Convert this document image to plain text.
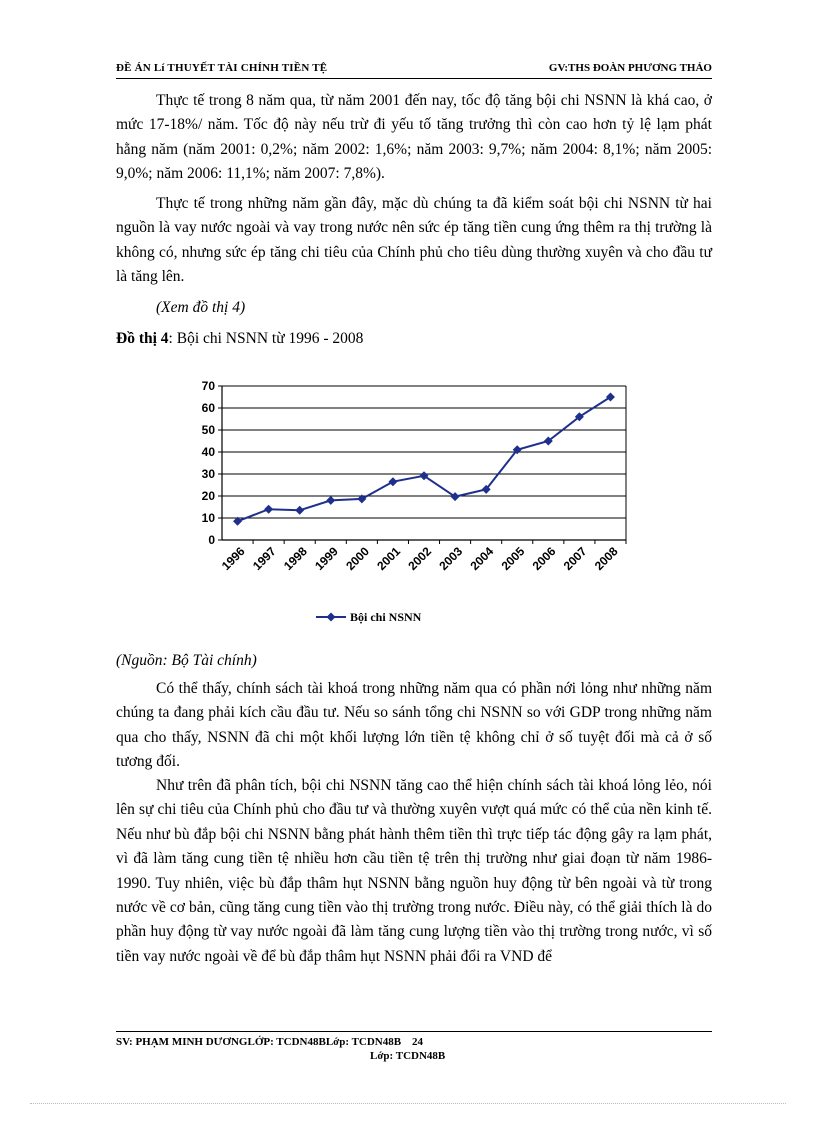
ĐỀ ÁN Lí THUYẾT TÀI CHÍNH TIỀN TỆ	GV:THS ĐOÀN PHƯƠNG THẢO

Thực tế trong 8 năm qua, từ năm 2001 đến nay, tốc độ tăng bội chi NSNN là khá cao, ở mức 17-18%/ năm. Tốc độ này nếu trừ đi yếu tố tăng trưởng thì còn cao hơn tỷ lệ lạm phát hằng năm (năm 2001: 0,2%; năm 2002: 1,6%; năm 2003: 9,7%; năm 2004: 8,1%; năm 2005: 9,0%; năm 2006: 11,1%; năm 2007: 7,8%).

Thực tế trong những năm gần đây, mặc dù chúng ta đã kiểm soát bội chi NSNN từ hai nguồn là vay nước ngoài và vay trong nước nên sức ép tăng tiền cung ứng thêm ra thị trường là không có, nhưng sức ép tăng chi tiêu của Chính phủ cho tiêu dùng thường xuyên và cho đầu tư là tăng lên.

(Xem đồ thị 4)

Đồ thị 4: Bội chi NSNN từ 1996 - 2008

0
10
20
30
40
50
60
70
1996 1997 1998 1999 2000 2001 2002 2003 2004 2005 2006 2007 2008
Bội chi NSNN

(Nguồn: Bộ Tài chính)

Có thể thấy, chính sách tài khoá trong những năm qua có phần nới lỏng như những năm chúng ta đang phải kích cầu đầu tư. Nếu so sánh tổng chi NSNN so với GDP trong những năm qua cho thấy, NSNN đã chi một khối lượng lớn tiền tệ không chỉ ở số tuyệt đối mà cả ở số tương đối.

Như trên đã phân tích, bội chi NSNN tăng cao thể hiện chính sách tài khoá lỏng lẻo, nói lên sự chi tiêu của Chính phủ cho đầu tư và thường xuyên vượt quá mức có thể của nền kinh tế. Nếu như bù đắp bội chi NSNN bằng phát hành thêm tiền thì trực tiếp tác động gây ra lạm phát, vì đã làm tăng cung tiền tệ nhiều hơn cầu tiền tệ trên thị trường như giai đoạn từ năm 1986-1990. Tuy nhiên, việc bù đắp thâm hụt NSNN bằng nguồn huy động từ bên ngoài và từ trong nước về cơ bản, cũng tăng cung tiền vào thị trường trong nước. Điều này, có thể giải thích là do phần huy động từ vay nước ngoài đã làm tăng cung lượng tiền vào thị trường trong nước, vì số tiền vay nước ngoài về để bù đắp thâm hụt NSNN phải đổi ra VND để

SV: PHẠM MINH DƯƠNGLỚP: TCDN48BLớp: TCDN48B 24
Lớp: TCDN48B
